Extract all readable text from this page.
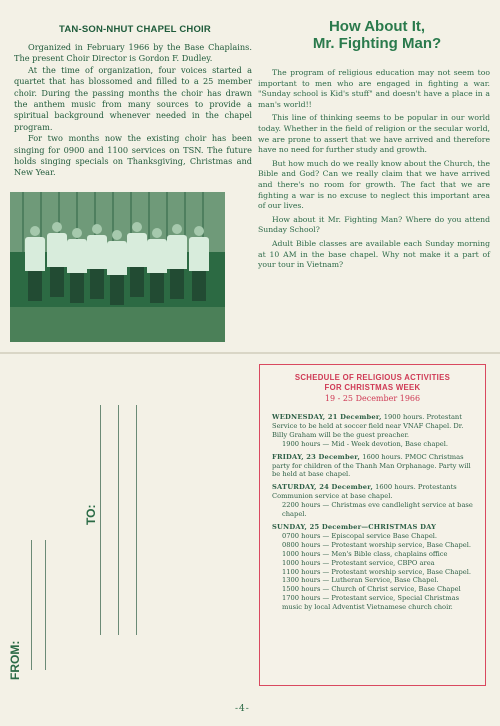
TAN-SON-NHUT CHAPEL CHOIR

Organized in February 1966 by the Base Chaplains. The present Choir Director is Gordon F. Dudley.

At the time of organization, four voices started a quartet that has blossomed and filled to a 25 member choir. During the passing months the choir has drawn the anthem music from many sources to provide a spiritual background whenever needed in the chapel program.

For two months now the existing choir has been singing for 0900 and 1100 services on TSN. The future holds singing specials on Thanksgiving, Christmas and New Year.

How About It,
Mr. Fighting Man?

The program of religious education may not seem too important to men who are engaged in fighting a war. "Sunday school is Kid's stuff" and doesn't have a place in a man's world!!

This line of thinking seems to be popular in our world today. Whether in the field of religion or the secular world, we are prone to assert that we have arrived and therefore have no need for further study and growth.

But how much do we really know about the Church, the Bible and God? Can we really claim that we have arrived and there's no room for growth. The fact that we are fighting a war is no excuse to neglect this important area of our lives.

How about it Mr. Fighting Man? Where do you attend Sunday School?

Adult Bible classes are available each Sunday morning at 10 AM in the base chapel. Why not make it a part of your tour in Vietnam?

TO:
FROM:
SCHEDULE OF RELIGIOUS ACTIVITIES
FOR CHRISTMAS WEEK
19 - 25 December 1966
WEDNESDAY, 21 December, 1900 hours. Protestant Service to be held at soccer field near VNAF Chapel. Dr. Billy Graham will be the guest preacher.
1900 hours — Mid - Week devotion, Base chapel.
FRIDAY, 23 December, 1600 hours. PMOC Christmas party for children of the Thanh Man Orphanage. Party will be held at base chapel.
SATURDAY, 24 December, 1600 hours. Protestants Communion service at base chapel.
2200 hours — Christmas eve candlelight service at base chapel.
SUNDAY, 25 December—CHRISTMAS DAY
0700 hours — Episcopal service Base Chapel.
0800 hours — Protestant worship service, Base Chapel.
1000 hours — Men's Bible class, chaplains office
1000 hours — Protestant service, CBPO area
1100 hours — Protestant worship service, Base Chapel.
1300 hours — Lutheran Service, Base Chapel.
1500 hours — Church of Christ service, Base Chapel
1700 hours — Protestant service, Special Christmas music by local Adventist Vietnamese church choir.
-4-
